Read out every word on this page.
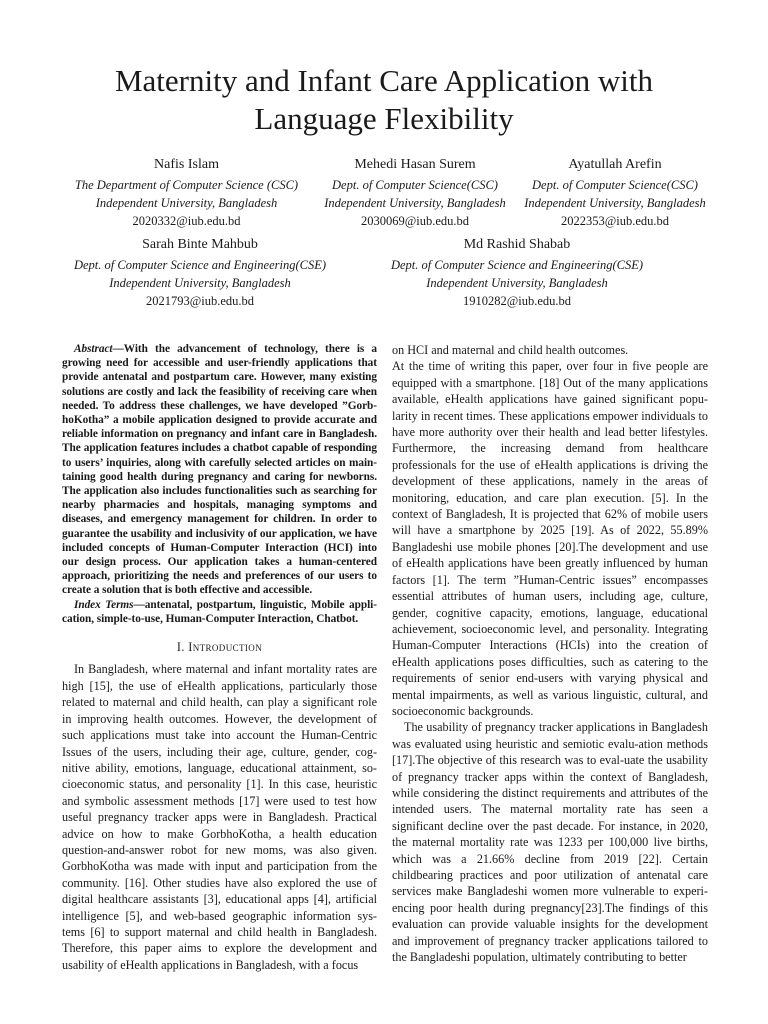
Maternity and Infant Care Application with
Language Flexibility
Nafis Islam
The Department of Computer Science (CSC)
Independent University, Bangladesh
2020332@iub.edu.bd
Mehedi Hasan Surem
Dept. of Computer Science(CSC)
Independent University, Bangladesh
2030069@iub.edu.bd
Ayatullah Arefin
Dept. of Computer Science(CSC)
Independent University, Bangladesh
2022353@iub.edu.bd
Sarah Binte Mahbub
Dept. of Computer Science and Engineering(CSE)
Independent University, Bangladesh
2021793@iub.edu.bd
Md Rashid Shabab
Dept. of Computer Science and Engineering(CSE)
Independent University, Bangladesh
1910282@iub.edu.bd

Abstract—With the advancement of technology, there is a growing need for accessible and user-friendly applications that provide antenatal and postpartum care. However, many existing solutions are costly and lack the feasibility of receiving care when needed. To address these challenges, we have developed ”Gorb-hoKotha” a mobile application designed to provide accurate and reliable information on pregnancy and infant care in Bangladesh. The application features includes a chatbot capable of responding to users’ inquiries, along with carefully selected articles on main-taining good health during pregnancy and caring for newborns. The application also includes functionalities such as searching for nearby pharmacies and hospitals, managing symptoms and diseases, and emergency management for children. In order to guarantee the usability and inclusivity of our application, we have included concepts of Human-Computer Interaction (HCI) into our design process. Our application takes a human-centered approach, prioritizing the needs and preferences of our users to create a solution that is both effective and accessible.

Index Terms—antenatal, postpartum, linguistic, Mobile appli-cation, simple-to-use, Human-Computer Interaction, Chatbot.

I. Introduction

In Bangladesh, where maternal and infant mortality rates are high [15], the use of eHealth applications, particularly those related to maternal and child health, can play a significant role in improving health outcomes. However, the development of such applications must take into account the Human-Centric Issues of the users, including their age, culture, gender, cog-nitive ability, emotions, language, educational attainment, so-cioeconomic status, and personality [1]. In this case, heuristic and symbolic assessment methods [17] were used to test how useful pregnancy tracker apps were in Bangladesh. Practical advice on how to make GorbhoKotha, a health education question-and-answer robot for new moms, was also given. GorbhoKotha was made with input and participation from the community. [16]. Other studies have also explored the use of digital healthcare assistants [3], educational apps [4], artificial intelligence [5], and web-based geographic information sys-tems [6] to support maternal and child health in Bangladesh. Therefore, this paper aims to explore the development and usability of eHealth applications in Bangladesh, with a focus

on HCI and maternal and child health outcomes.

At the time of writing this paper, over four in five people are equipped with a smartphone. [18] Out of the many applications available, eHealth applications have gained significant popu-larity in recent times. These applications empower individuals to have more authority over their health and lead better lifestyles. Furthermore, the increasing demand from healthcare professionals for the use of eHealth applications is driving the development of these applications, namely in the areas of monitoring, education, and care plan execution. [5]. In the context of Bangladesh, It is projected that 62% of mobile users will have a smartphone by 2025 [19]. As of 2022, 55.89% Bangladeshi use mobile phones [20].The development and use of eHealth applications have been greatly influenced by human factors [1]. The term ”Human-Centric issues” encompasses essential attributes of human users, including age, culture, gender, cognitive capacity, emotions, language, educational achievement, socioeconomic level, and personality. Integrating Human-Computer Interactions (HCIs) into the creation of eHealth applications poses difficulties, such as catering to the requirements of senior end-users with varying physical and mental impairments, as well as various linguistic, cultural, and socioeconomic backgrounds.

The usability of pregnancy tracker applications in Bangladesh was evaluated using heuristic and semiotic evalu-ation methods [17].The objective of this research was to eval-uate the usability of pregnancy tracker apps within the context of Bangladesh, while considering the distinct requirements and attributes of the intended users. The maternal mortality rate has seen a significant decline over the past decade. For instance, in 2020, the maternal mortality rate was 1233 per 100,000 live births, which was a 21.66% decline from 2019 [22]. Certain childbearing practices and poor utilization of antenatal care services make Bangladeshi women more vulnerable to experi-encing poor health during pregnancy[23].The findings of this evaluation can provide valuable insights for the development and improvement of pregnancy tracker applications tailored to the Bangladeshi population, ultimately contributing to better
